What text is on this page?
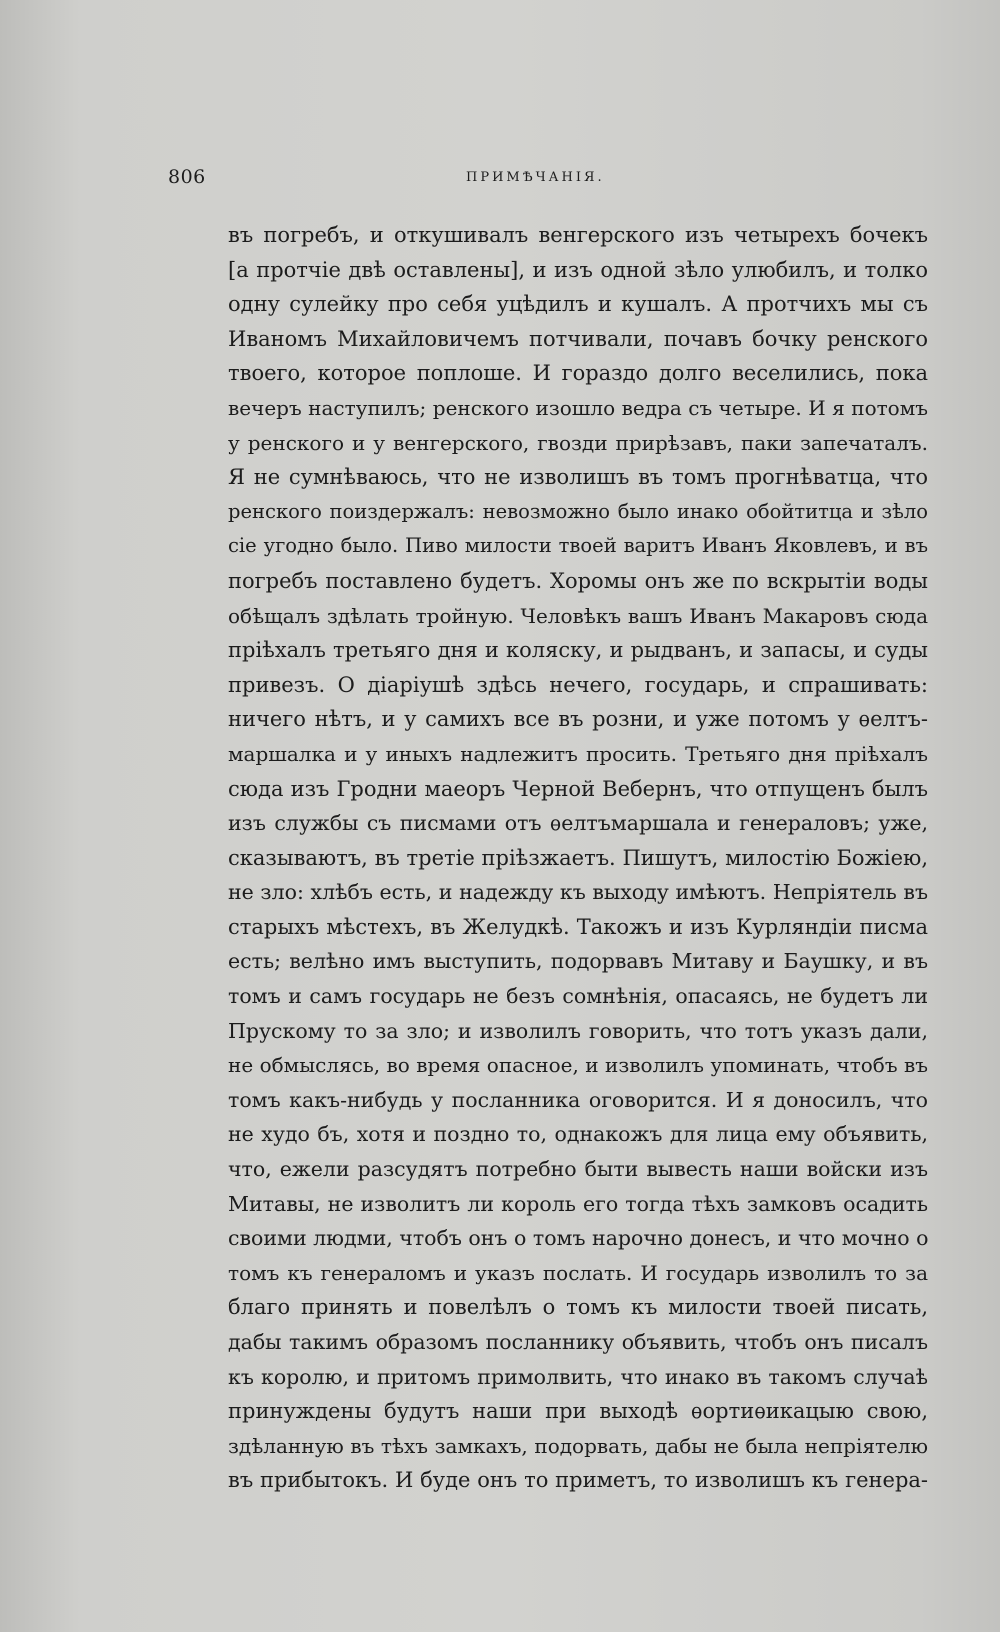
806	ПРИМѢЧАНІЯ.
въ погребъ, и откушивалъ венгерского изъ четырехъ бочекъ
[а протчіе двѣ оставлены], и изъ одной зѣло улюбилъ, и толко
одну сулейку про себя уцѣдилъ и кушалъ. А протчихъ мы съ
Иваномъ Михайловичемъ потчивали, почавъ бочку ренского
твоего, которое поплоше. И гораздо долго веселились, пока
вечеръ наступилъ; ренского изошло ведра съ четыре. И я потомъ
у ренского и у венгерского, гвозди прирѣзавъ, паки запечаталъ.
Я не сумнѣваюсь, что не изволишъ въ томъ прогнѣватца, что
ренского поиздержалъ: невозможно было инако обойтитца и зѣло
сіе угодно было. Пиво милости твоей варитъ Иванъ Яковлевъ, и въ
погребъ поставлено будетъ. Хоромы онъ же по вскрытіи воды
обѣщалъ здѣлать тройную. Человѣкъ вашъ Иванъ Макаровъ сюда
пріѣхалъ третьяго дня и коляску, и рыдванъ, и запасы, и суды
привезъ. О діаріушѣ здѣсь нечего, государь, и спрашивать:
ничего нѣтъ, и у самихъ все въ розни, и уже потомъ у ѳелтъ-
маршалка и у иныхъ надлежитъ просить. Третьяго дня пріѣхалъ
сюда изъ Гродни маеоръ Черной Вебернъ, что отпущенъ былъ
изъ службы съ писмами отъ ѳелтъмаршала и генераловъ; уже,
сказываютъ, въ третіе пріѣзжаетъ. Пишутъ, милостію Божіею,
не зло: хлѣбъ есть, и надежду къ выходу имѣютъ. Непріятель въ
старыхъ мѣстехъ, въ Желудкѣ. Такожъ и изъ Курляндіи писма
есть; велѣно имъ выступить, подорвавъ Митаву и Баушку, и въ
томъ и самъ государь не безъ сомнѣнія, опасаясь, не будетъ ли
Прускому то за зло; и изволилъ говорить, что тотъ указъ дали,
не обмыслясь, во время опасное, и изволилъ упоминать, чтобъ въ
томъ какъ-нибудь у посланника оговорится. И я доносилъ, что
не худо бъ, хотя и поздно то, однакожъ для лица ему объявить,
что, ежели разсудятъ потребно быти вывесть наши войски изъ
Митавы, не изволитъ ли король его тогда тѣхъ замковъ осадить
своими людми, чтобъ онъ о томъ нарочно донесъ, и что мочно о
томъ къ генераломъ и указъ послать. И государь изволилъ то за
благо принять и повелѣлъ о томъ къ милости твоей писать,
дабы такимъ образомъ посланнику объявить, чтобъ онъ писалъ
къ королю, и притомъ примолвить, что инако въ такомъ случаѣ
принуждены будутъ наши при выходѣ ѳортиѳикацыю свою,
здѣланную въ тѣхъ замкахъ, подорвать, дабы не была непріятелю
въ прибытокъ. И буде онъ то приметъ, то изволишъ къ генера-
